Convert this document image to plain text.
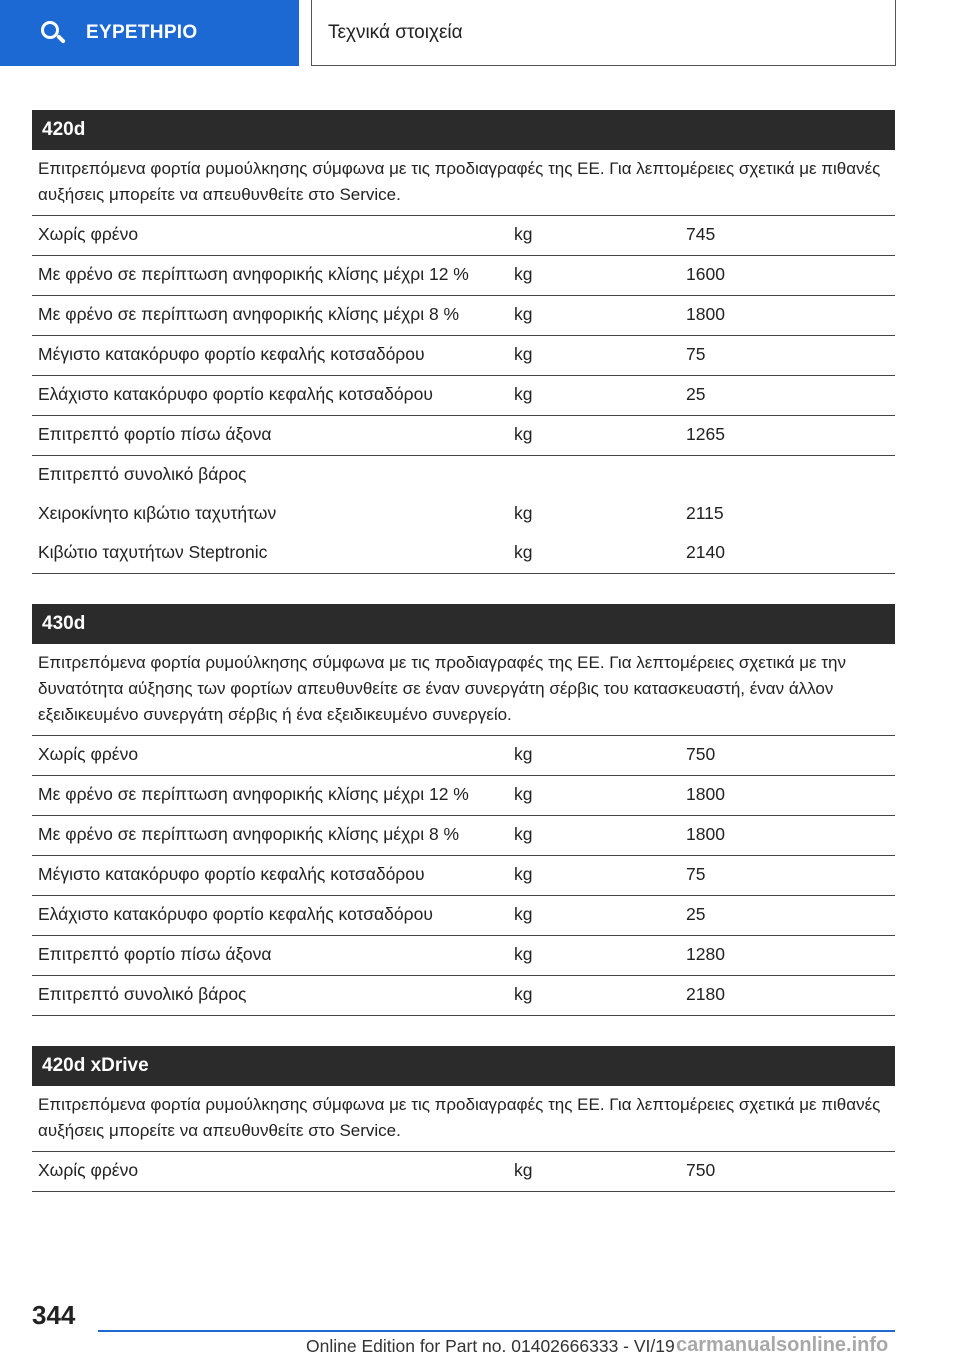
ΕΥΡΕΤΗΡΙΟ	Τεχνικά στοιχεία
420d
Επιτρεπόμενα φορτία ρυμούλκησης σύμφωνα με τις προδιαγραφές της ΕΕ. Για λεπτομέρειες σχετικά με πιθανές αυξήσεις μπορείτε να απευθυνθείτε στο Service.
Χωρίς φρένο	kg	745
Με φρένο σε περίπτωση ανηφορικής κλίσης μέχρι 12 %	kg	1600
Με φρένο σε περίπτωση ανηφορικής κλίσης μέχρι 8 %	kg	1800
Μέγιστο κατακόρυφο φορτίο κεφαλής κοτσαδόρου	kg	75
Ελάχιστο κατακόρυφο φορτίο κεφαλής κοτσαδόρου	kg	25
Επιτρεπτό φορτίο πίσω άξονα	kg	1265
Επιτρεπτό συνολικό βάρος
Χειροκίνητο κιβώτιο ταχυτήτων	kg	2115
Κιβώτιο ταχυτήτων Steptronic	kg	2140
430d
Επιτρεπόμενα φορτία ρυμούλκησης σύμφωνα με τις προδιαγραφές της ΕΕ. Για λεπτομέρειες σχετικά με την δυνατότητα αύξησης των φορτίων απευθυνθείτε σε έναν συνεργάτη σέρβις του κατασκευαστή, έναν άλλον εξειδικευμένο συνεργάτη σέρβις ή ένα εξειδικευμένο συνεργείο.
Χωρίς φρένο	kg	750
Με φρένο σε περίπτωση ανηφορικής κλίσης μέχρι 12 %	kg	1800
Με φρένο σε περίπτωση ανηφορικής κλίσης μέχρι 8 %	kg	1800
Μέγιστο κατακόρυφο φορτίο κεφαλής κοτσαδόρου	kg	75
Ελάχιστο κατακόρυφο φορτίο κεφαλής κοτσαδόρου	kg	25
Επιτρεπτό φορτίο πίσω άξονα	kg	1280
Επιτρεπτό συνολικό βάρος	kg	2180
420d xDrive
Επιτρεπόμενα φορτία ρυμούλκησης σύμφωνα με τις προδιαγραφές της ΕΕ. Για λεπτομέρειες σχετικά με πιθανές αυξήσεις μπορείτε να απευθυνθείτε στο Service.
Χωρίς φρένο	kg	750
344
Online Edition for Part no. 01402666333 - VI/19 carmanualsonline.info
